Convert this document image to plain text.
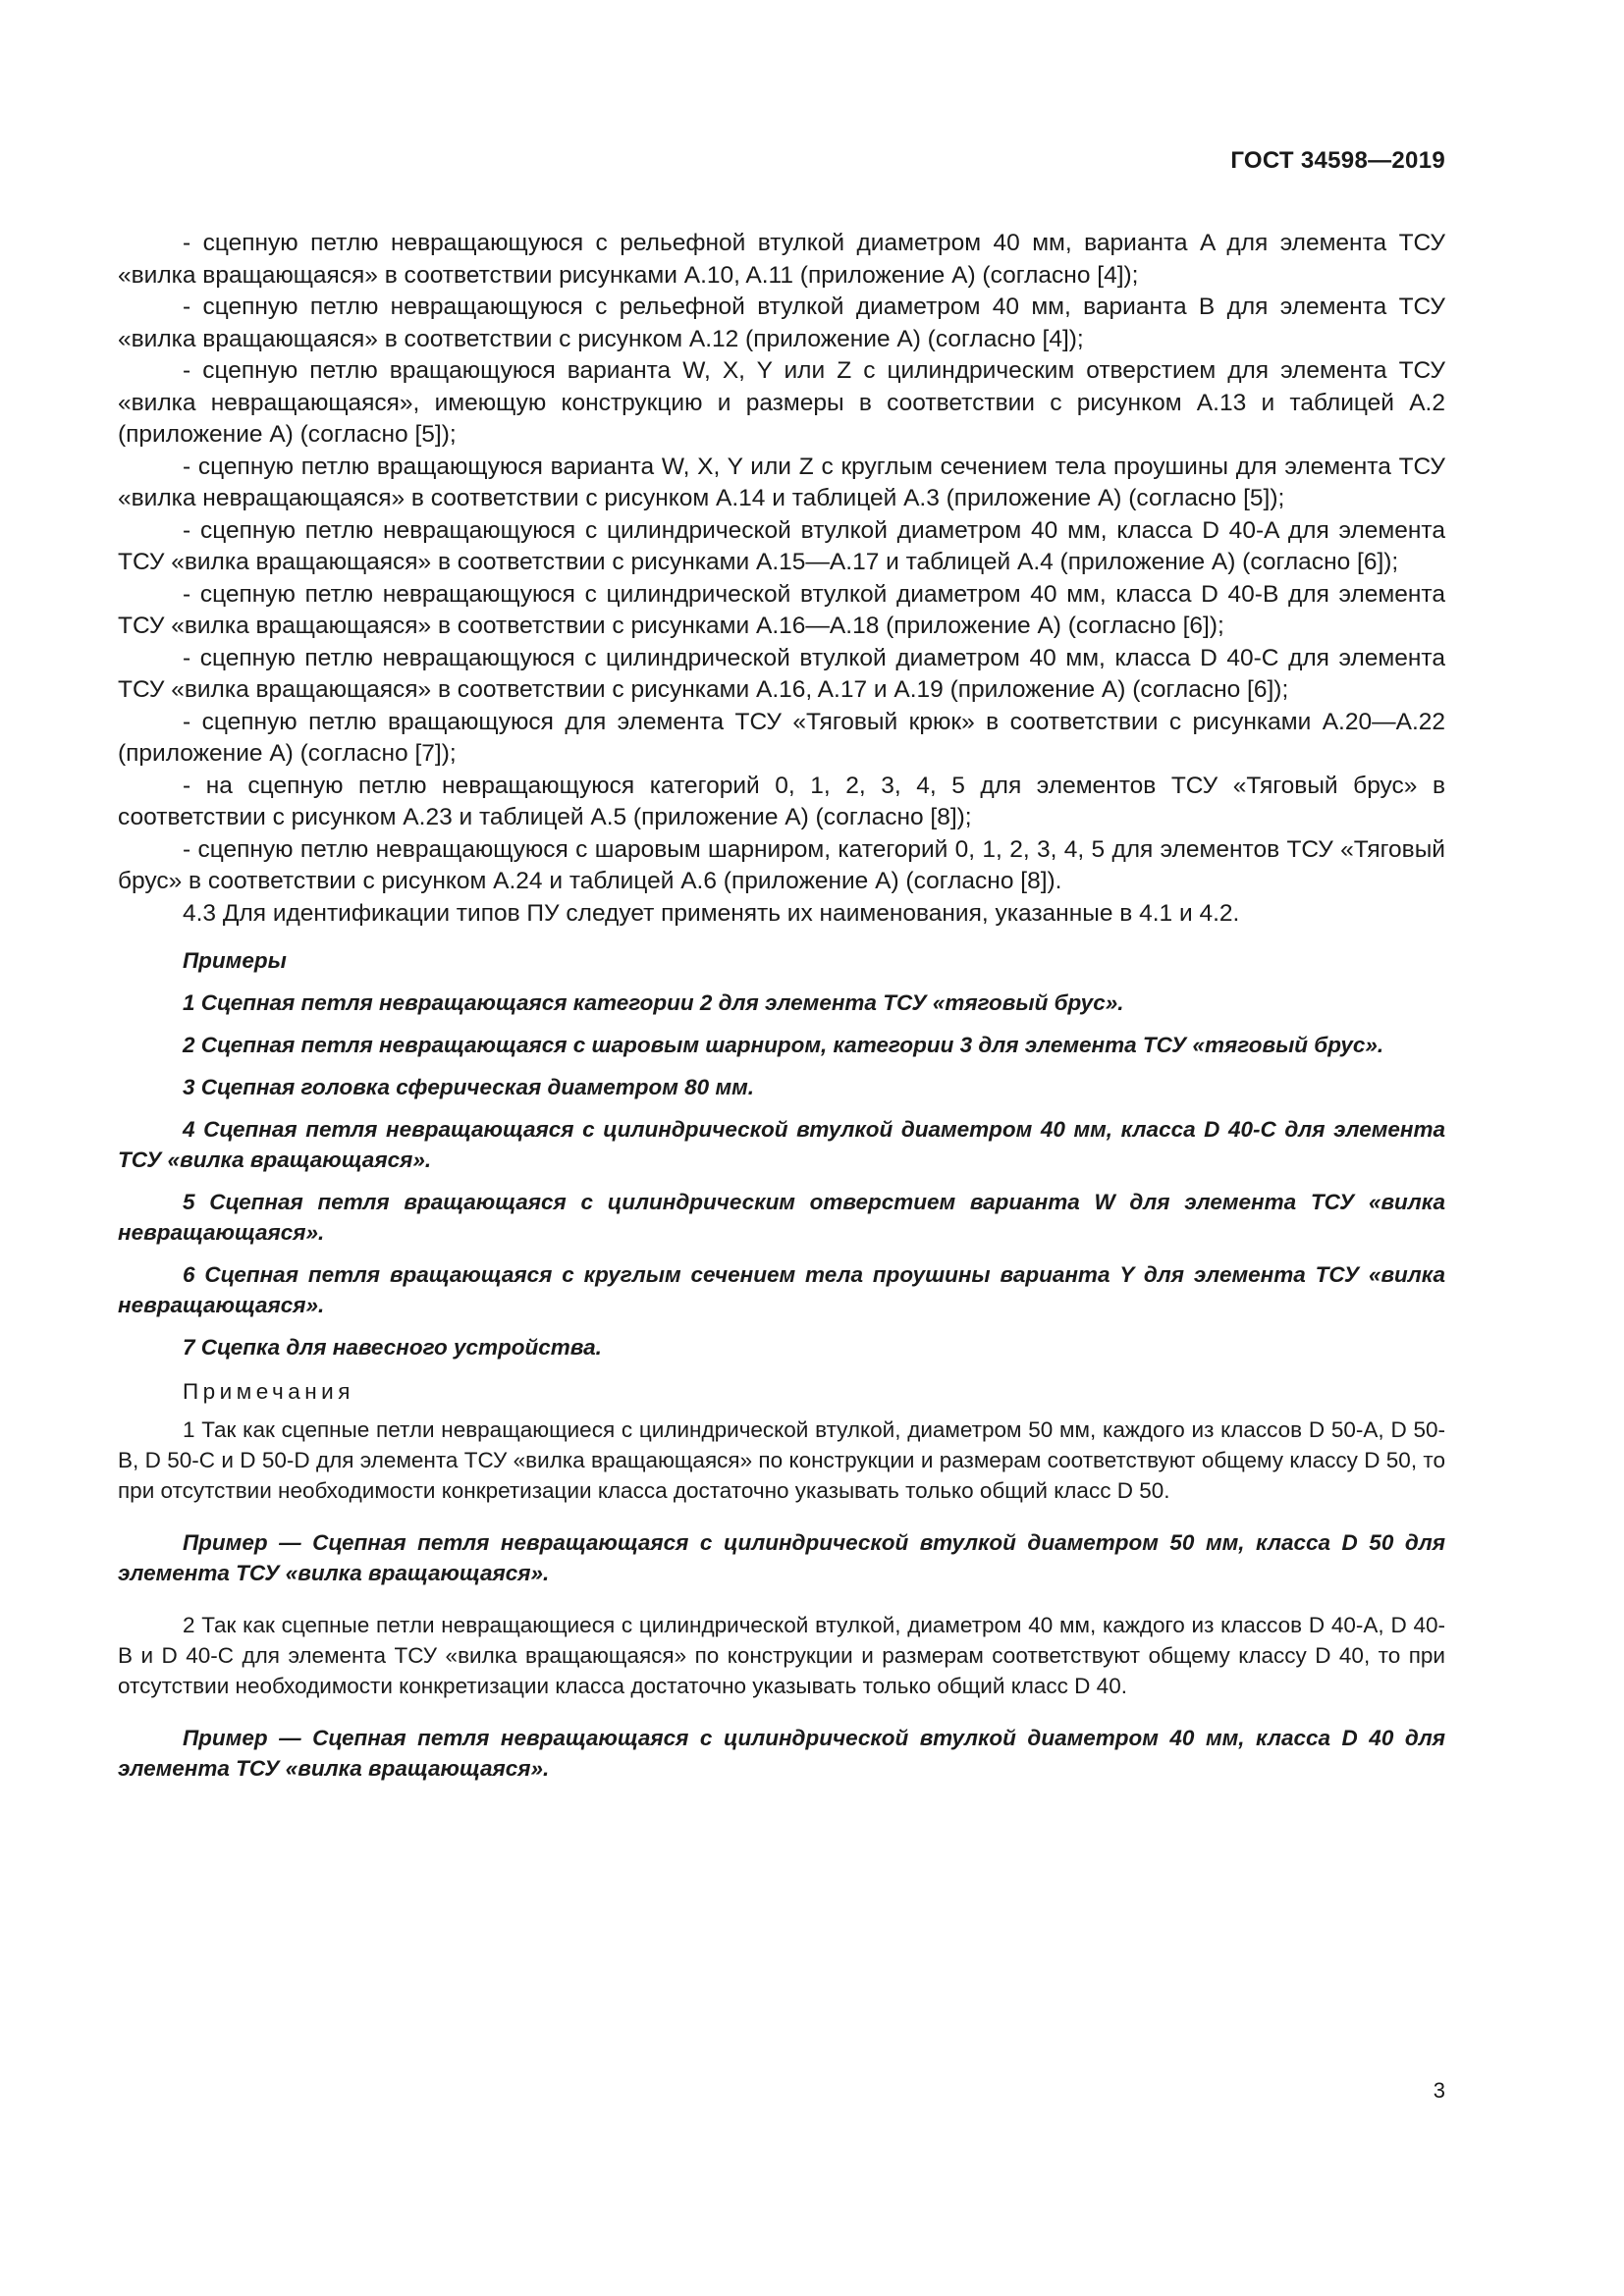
ГОСТ 34598—2019

- сцепную петлю невращающуюся с рельефной втулкой диаметром 40 мм, варианта A для элемента ТСУ «вилка вращающаяся» в соответствии рисунками A.10, A.11 (приложение A) (согласно [4]);

- сцепную петлю невращающуюся с рельефной втулкой диаметром 40 мм, варианта B для элемента ТСУ «вилка вращающаяся» в соответствии с рисунком A.12 (приложение A) (согласно [4]);

- сцепную петлю вращающуюся варианта W, X, Y или Z с цилиндрическим отверстием для элемента ТСУ «вилка невращающаяся», имеющую конструкцию и размеры в соответствии с рисунком A.13 и таблицей A.2 (приложение A) (согласно [5]);

- сцепную петлю вращающуюся варианта W, X, Y или Z с круглым сечением тела проушины для элемента ТСУ «вилка невращающаяся» в соответствии с рисунком A.14 и таблицей A.3 (приложение A) (согласно [5]);

- сцепную петлю невращающуюся с цилиндрической втулкой диаметром 40 мм, класса D 40-A для элемента ТСУ «вилка вращающаяся» в соответствии с рисунками A.15—A.17 и таблицей A.4 (приложение A) (согласно [6]);

- сцепную петлю невращающуюся с цилиндрической втулкой диаметром 40 мм, класса D 40-B для элемента ТСУ «вилка вращающаяся» в соответствии с рисунками A.16—A.18 (приложение A) (согласно [6]);

- сцепную петлю невращающуюся с цилиндрической втулкой диаметром 40 мм, класса D 40-C для элемента ТСУ «вилка вращающаяся» в соответствии с рисунками A.16, A.17 и A.19 (приложение A) (согласно [6]);

- сцепную петлю вращающуюся для элемента ТСУ «Тяговый крюк» в соответствии с рисунками A.20—A.22 (приложение A) (согласно [7]);

- на сцепную петлю невращающуюся категорий 0, 1, 2, 3, 4, 5 для элементов ТСУ «Тяговый брус» в соответствии с рисунком A.23 и таблицей A.5 (приложение A) (согласно [8]);

- сцепную петлю невращающуюся с шаровым шарниром, категорий 0, 1, 2, 3, 4, 5 для элементов ТСУ «Тяговый брус» в соответствии с рисунком A.24 и таблицей A.6 (приложение A) (согласно [8]).

4.3 Для идентификации типов ПУ следует применять их наименования, указанные в 4.1 и 4.2.

Примеры

1 Сцепная петля невращающаяся категории 2 для элемента ТСУ «тяговый брус».

2 Сцепная петля невращающаяся с шаровым шарниром, категории 3 для элемента ТСУ «тяговый брус».

3 Сцепная головка сферическая диаметром 80 мм.

4 Сцепная петля невращающаяся с цилиндрической втулкой диаметром 40 мм, класса D 40-C для элемента ТСУ «вилка вращающаяся».

5 Сцепная петля вращающаяся с цилиндрическим отверстием варианта W для элемента ТСУ «вилка невращающаяся».

6 Сцепная петля вращающаяся с круглым сечением тела проушины варианта Y для элемента ТСУ «вилка невращающаяся».

7 Сцепка для навесного устройства.

Примечания

1 Так как сцепные петли невращающиеся с цилиндрической втулкой, диаметром 50 мм, каждого из классов D 50-A, D 50-B, D 50-C и D 50-D для элемента ТСУ «вилка вращающаяся» по конструкции и размерам соответствуют общему классу D 50, то при отсутствии необходимости конкретизации класса достаточно указывать только общий класс D 50.

Пример — Сцепная петля невращающаяся с цилиндрической втулкой диаметром 50 мм, класса D 50 для элемента ТСУ «вилка вращающаяся».

2 Так как сцепные петли невращающиеся с цилиндрической втулкой, диаметром 40 мм, каждого из классов D 40-A, D 40-B и D 40-C для элемента ТСУ «вилка вращающаяся» по конструкции и размерам соответствуют общему классу D 40, то при отсутствии необходимости конкретизации класса достаточно указывать только общий класс D 40.

Пример — Сцепная петля невращающаяся с цилиндрической втулкой диаметром 40 мм, класса D 40 для элемента ТСУ «вилка вращающаяся».

3
